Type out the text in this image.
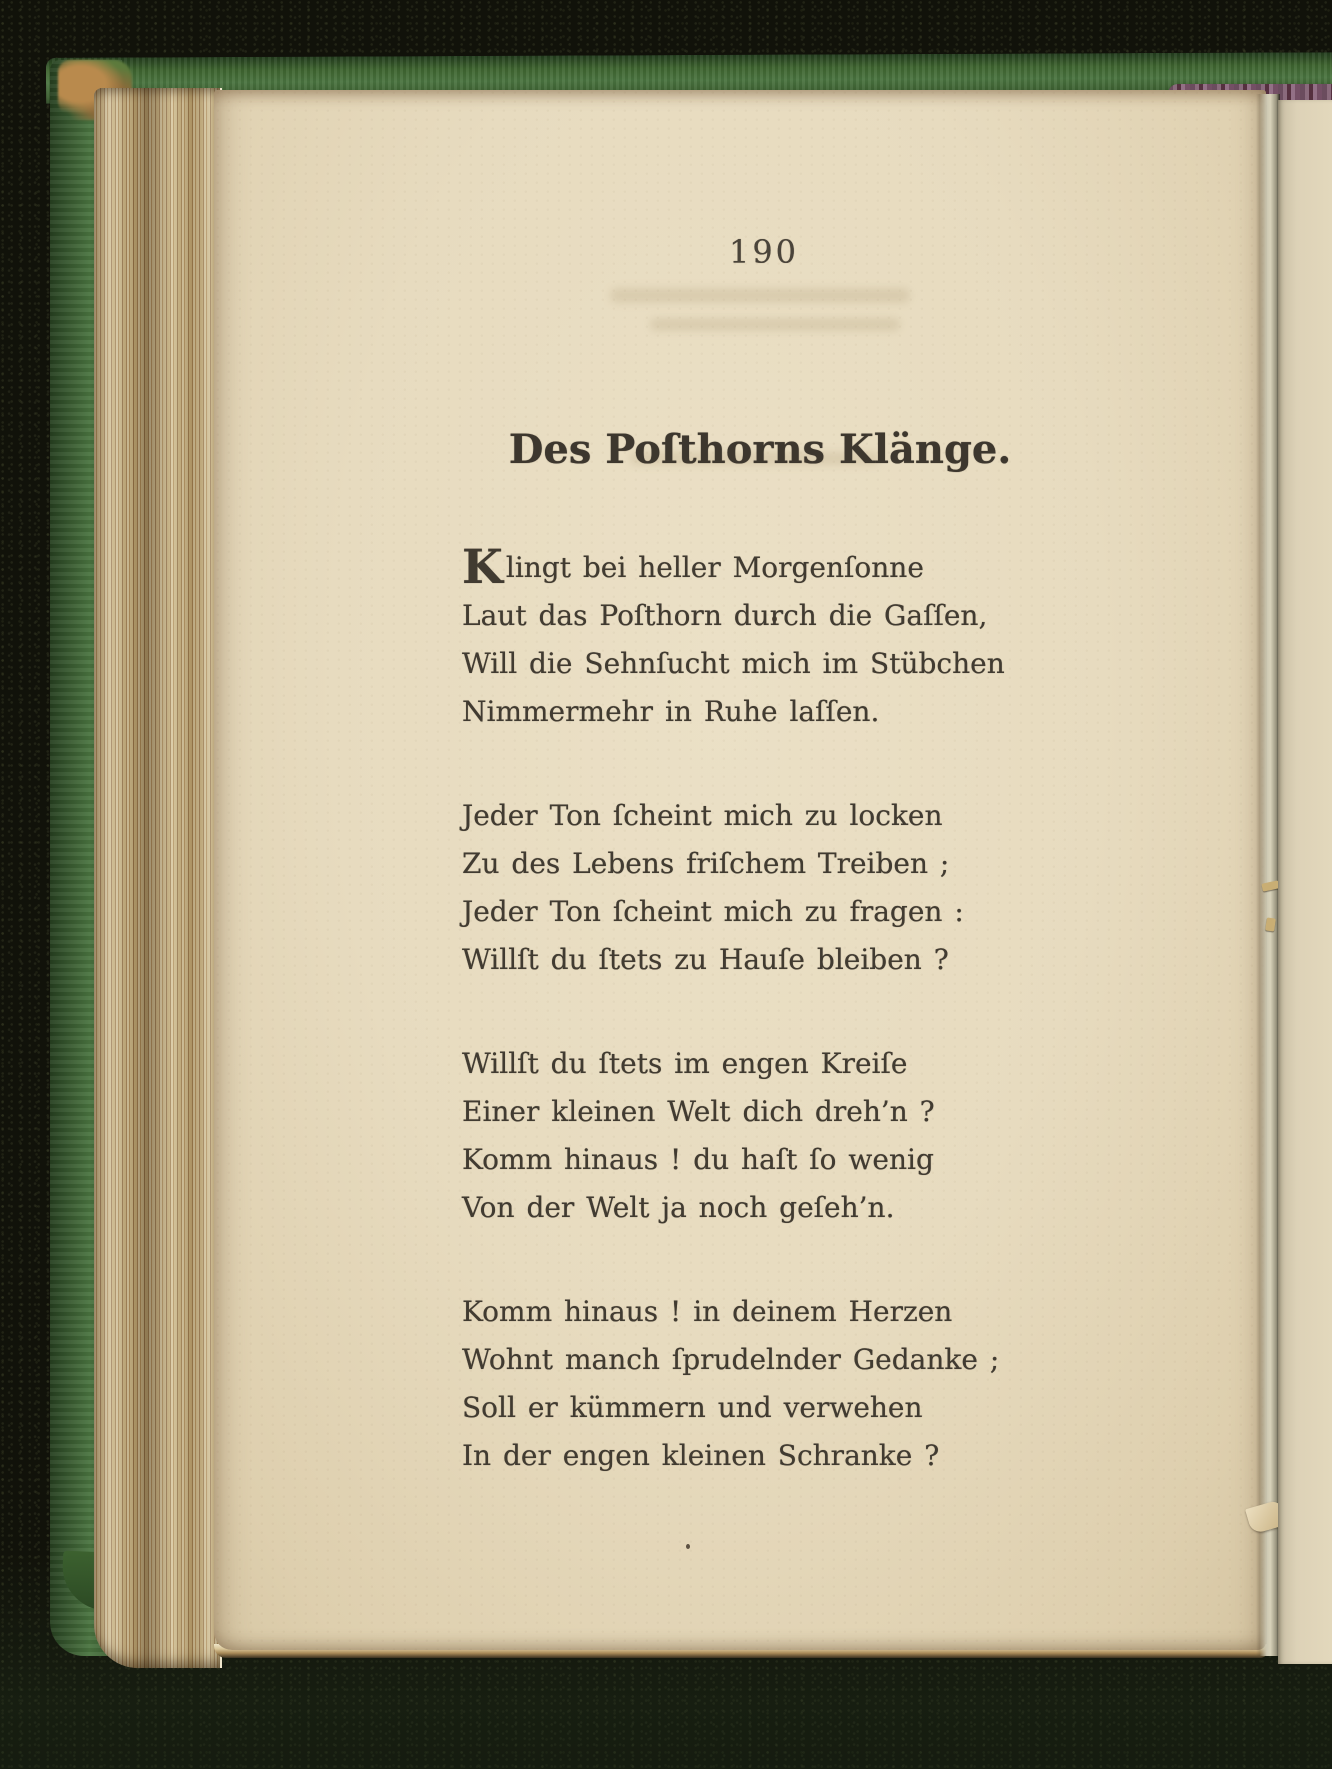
190
Des Poſthorns Klänge.
Klingt bei heller Morgenſonne
Laut das Poſthorn durch die Gaſſen,
Will die Sehnſucht mich im Stübchen
Nimmermehr in Ruhe laſſen.
Jeder Ton ſcheint mich zu locken
Zu des Lebens friſchem Treiben ;
Jeder Ton ſcheint mich zu fragen :
Willſt du ſtets zu Hauſe bleiben ?
Willſt du ſtets im engen Kreiſe
Einer kleinen Welt dich dreh’n ?
Komm hinaus ! du haſt ſo wenig
Von der Welt ja noch geſeh’n.
Komm hinaus ! in deinem Herzen
Wohnt manch ſprudelnder Gedanke ;
Soll er kümmern und verwehen
In der engen kleinen Schranke ?
